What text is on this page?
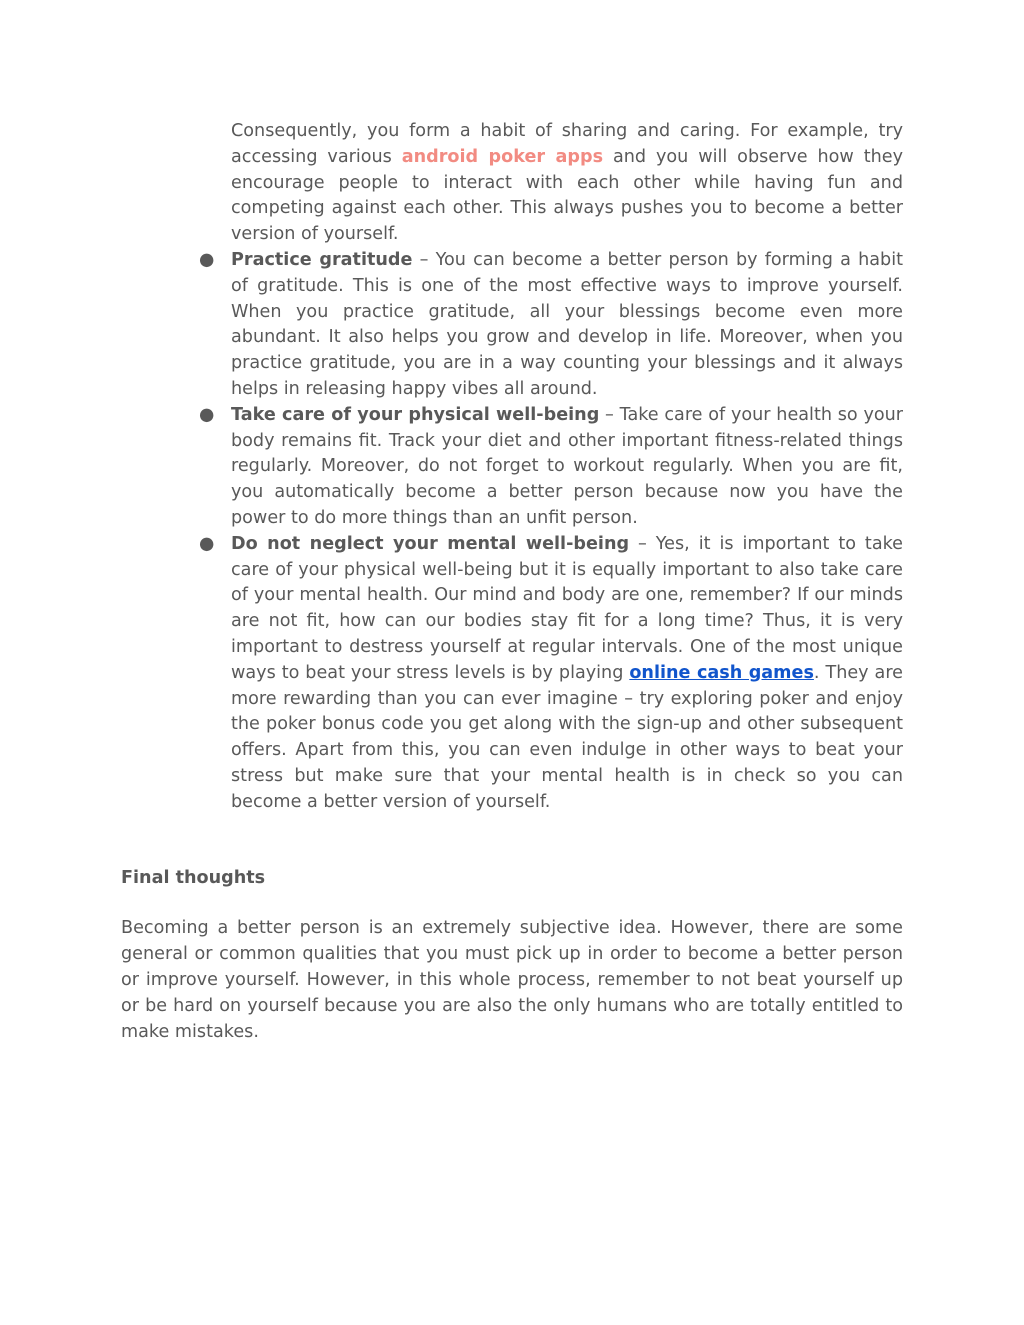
Consequently, you form a habit of sharing and caring. For example, try accessing various android poker apps and you will observe how they encourage people to interact with each other while having fun and competing against each other. This always pushes you to become a better version of yourself.
● Practice gratitude – You can become a better person by forming a habit of gratitude. This is one of the most effective ways to improve yourself. When you practice gratitude, all your blessings become even more abundant. It also helps you grow and develop in life. Moreover, when you practice gratitude, you are in a way counting your blessings and it always helps in releasing happy vibes all around.
● Take care of your physical well-being – Take care of your health so your body remains fit. Track your diet and other important fitness-related things regularly. Moreover, do not forget to workout regularly. When you are fit, you automatically become a better person because now you have the power to do more things than an unfit person.
● Do not neglect your mental well-being – Yes, it is important to take care of your physical well-being but it is equally important to also take care of your mental health. Our mind and body are one, remember? If our minds are not fit, how can our bodies stay fit for a long time? Thus, it is very important to destress yourself at regular intervals. One of the most unique ways to beat your stress levels is by playing online cash games. They are more rewarding than you can ever imagine – try exploring poker and enjoy the poker bonus code you get along with the sign-up and other subsequent offers. Apart from this, you can even indulge in other ways to beat your stress but make sure that your mental health is in check so you can become a better version of yourself.
Final thoughts

Becoming a better person is an extremely subjective idea. However, there are some general or common qualities that you must pick up in order to become a better person or improve yourself. However, in this whole process, remember to not beat yourself up or be hard on yourself because you are also the only humans who are totally entitled to make mistakes.
